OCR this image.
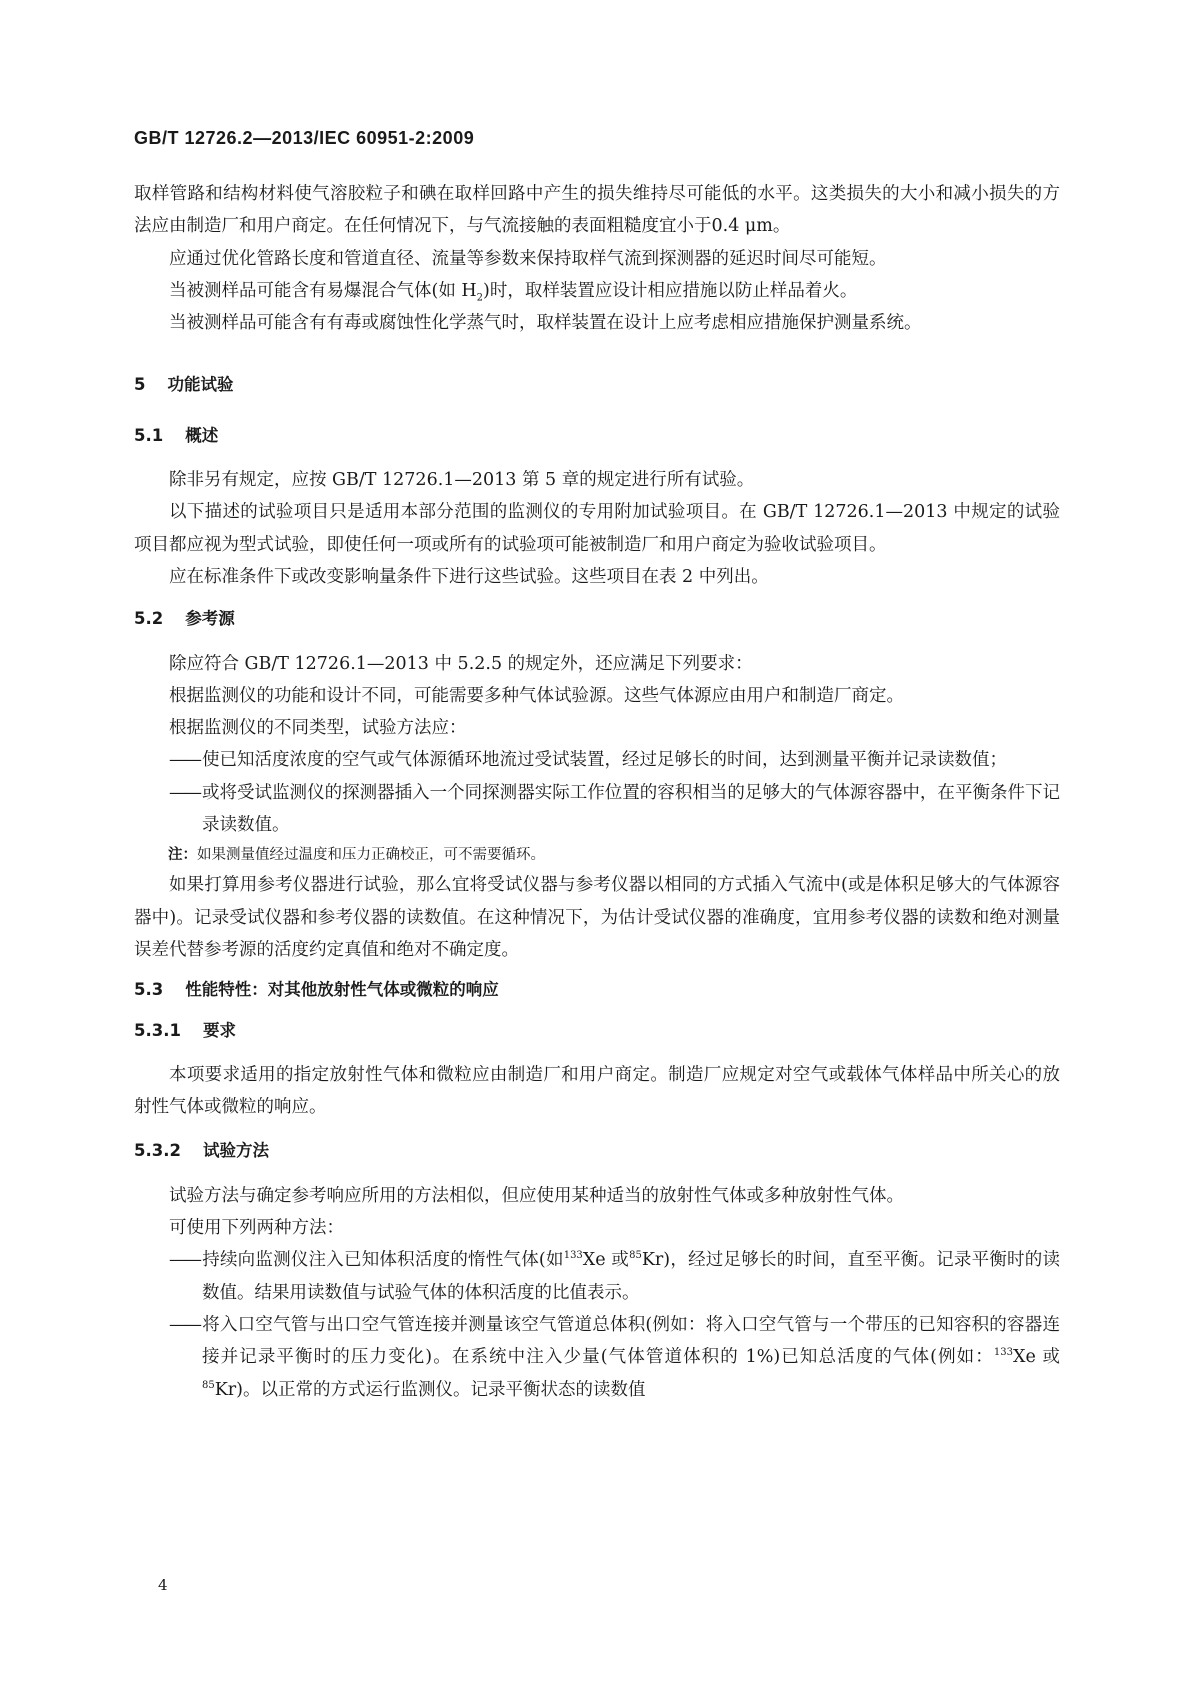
GB/T 12726.2—2013/IEC 60951-2:2009

取样管路和结构材料使气溶胶粒子和碘在取样回路中产生的损失维持尽可能低的水平。这类损失的大小和减小损失的方法应由制造厂和用户商定。在任何情况下，与气流接触的表面粗糙度宜小于0.4 μm。

应通过优化管路长度和管道直径、流量等参数来保持取样气流到探测器的延迟时间尽可能短。

当被测样品可能含有易爆混合气体(如 $H_2$)时，取样装置应设计相应措施以防止样品着火。

当被测样品可能含有有毒或腐蚀性化学蒸气时，取样装置在设计上应考虑相应措施保护测量系统。

5 功能试验
5.1 概述

除非另有规定，应按 GB/T 12726.1—2013 第 5 章的规定进行所有试验。

以下描述的试验项目只是适用本部分范围的监测仪的专用附加试验项目。在 GB/T 12726.1—2013 中规定的试验项目都应视为型式试验，即使任何一项或所有的试验项可能被制造厂和用户商定为验收试验项目。

应在标准条件下或改变影响量条件下进行这些试验。这些项目在表 2 中列出。

5.2 参考源

除应符合 GB/T 12726.1—2013 中 5.2.5 的规定外，还应满足下列要求：

根据监测仪的功能和设计不同，可能需要多种气体试验源。这些气体源应由用户和制造厂商定。

根据监测仪的不同类型，试验方法应：

—— 使已知活度浓度的空气或气体源循环地流过受试装置，经过足够长的时间，达到测量平衡并记录读数值；

—— 或将受试监测仪的探测器插入一个同探测器实际工作位置的容积相当的足够大的气体源容器中，在平衡条件下记录读数值。

注：如果测量值经过温度和压力正确校正，可不需要循环。

如果打算用参考仪器进行试验，那么宜将受试仪器与参考仪器以相同的方式插入气流中(或是体积足够大的气体源容器中)。记录受试仪器和参考仪器的读数值。在这种情况下，为估计受试仪器的准确度，宜用参考仪器的读数和绝对测量误差代替参考源的活度约定真值和绝对不确定度。

5.3 性能特性：对其他放射性气体或微粒的响应
5.3.1 要求

本项要求适用的指定放射性气体和微粒应由制造厂和用户商定。制造厂应规定对空气或载体气体样品中所关心的放射性气体或微粒的响应。

5.3.2 试验方法

试验方法与确定参考响应所用的方法相似，但应使用某种适当的放射性气体或多种放射性气体。

可使用下列两种方法：

—— 持续向监测仪注入已知体积活度的惰性气体(如$^{133}$Xe 或$^{85}$Kr)，经过足够长的时间，直至平衡。记录平衡时的读数值。结果用读数值与试验气体的体积活度的比值表示。

—— 将入口空气管与出口空气管连接并测量该空气管道总体积(例如：将入口空气管与一个带压的已知容积的容器连接并记录平衡时的压力变化)。在系统中注入少量(气体管道体积的 1%)已知总活度的气体(例如：$^{133}$Xe 或$^{85}$Kr)。以正常的方式运行监测仪。记录平衡状态的读数值

4
